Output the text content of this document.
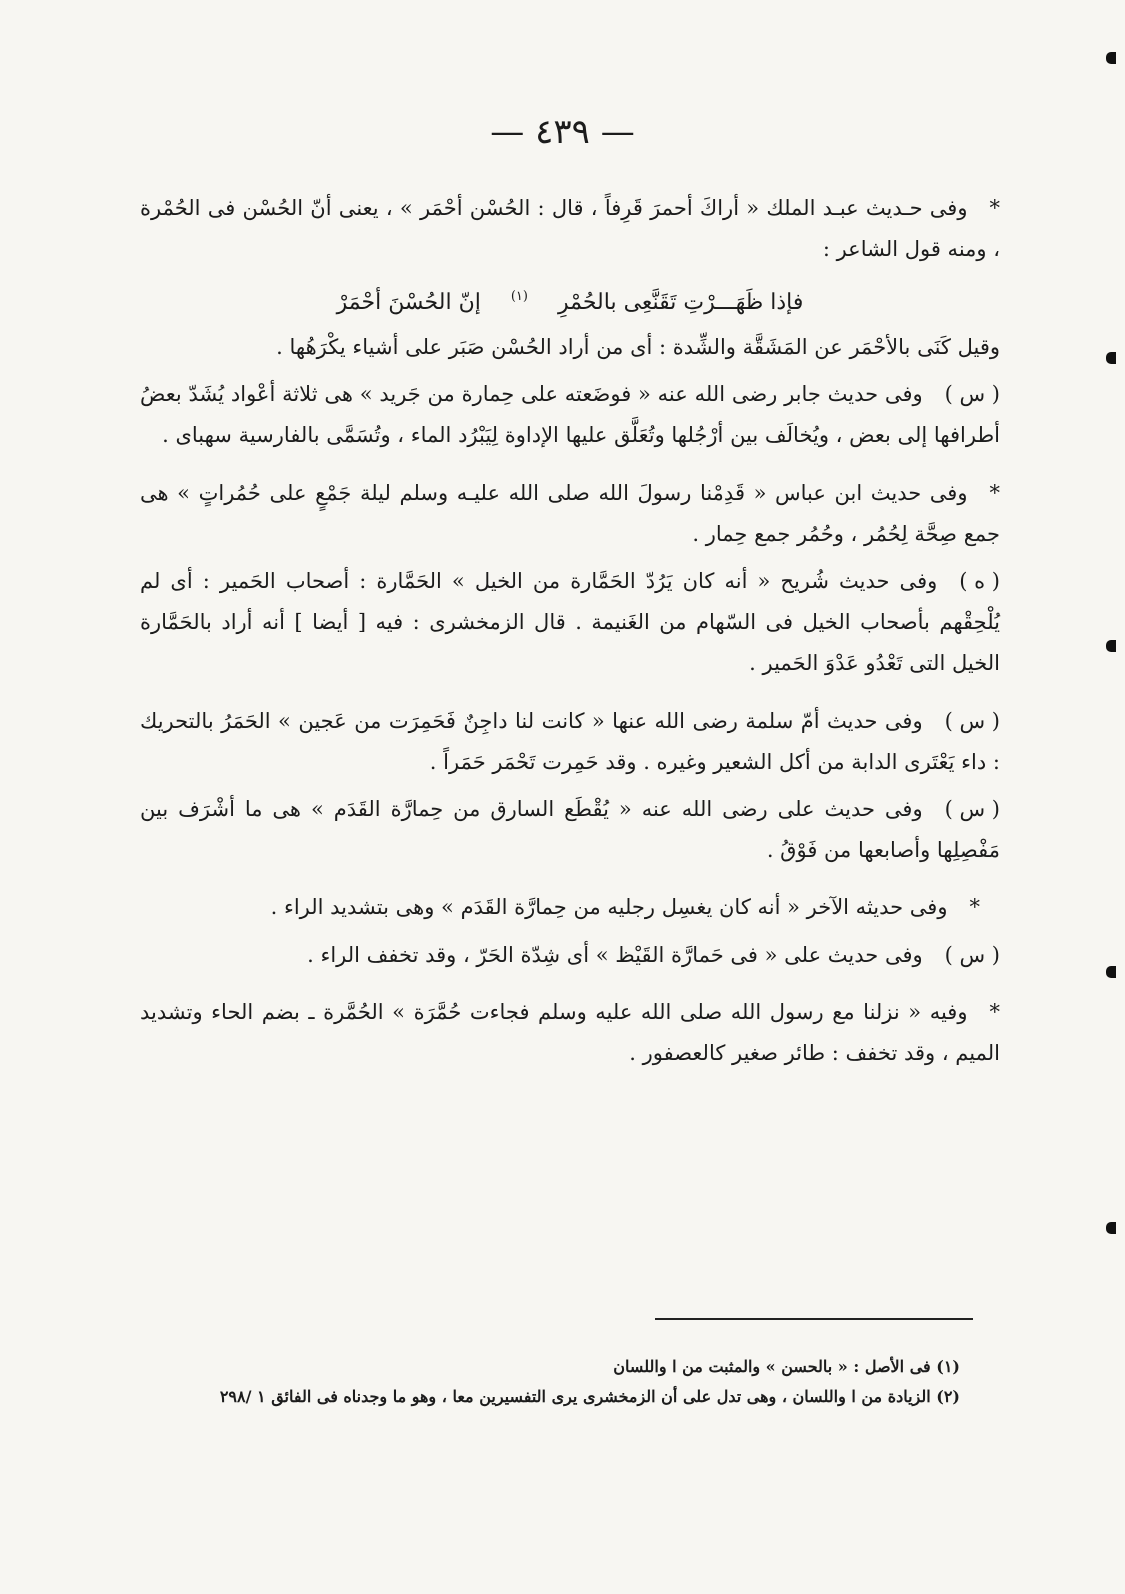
— ٤٣٩ —

*وفى حـديث عبـد الملك « أراكَ أحمرَ قَرِفاً ، قال : الحُسْن أحْمَر » ، يعنى أنّ الحُسْن فى الحُمْرة ، ومنه قول الشاعر :

فإذا ظَهَـــرْتِ تَقَنَّعِى بالحُمْرِ$^{(١)}$إنّ الحُسْنَ أحْمَرْ

وقيل كَنَى بالأحْمَر عن المَشَقَّة والشِّدة : أى من أراد الحُسْن صَبَر على أشياء يكْرَهُها .

( س )وفى حديث جابر رضى الله عنه « فوضَعته على حِمارة من جَريد » هى ثلاثة أعْواد يُشَدّ بعضُ أطرافها إلى بعض ، ويُخالَف بين أرْجُلها وتُعَلَّق عليها الإداوة لِيَبْرُد الماء ، وتُسَمَّى بالفارسية سهباى .

*وفى حديث ابن عباس « قَدِمْنا رسولَ الله صلى الله عليـه وسلم ليلة جَمْعٍ على حُمُراتٍ » هى جمع صِحَّة لِحُمُر ، وحُمُر جمع حِمار .

( ه )وفى حديث شُريح « أنه كان يَرُدّ الحَمَّارة من الخيل » الحَمَّارة : أصحاب الحَمير : أى لم يُلْحِقْهم بأصحاب الخيل فى السّهام من الغَنيمة . قال الزمخشرى : فيه [ أيضا ] أنه أراد بالحَمَّارة الخيل التى تَعْدُو عَدْوَ الحَمير .

( س )وفى حديث أمّ سلمة رضى الله عنها « كانت لنا داجِنٌ فَحَمِرَت من عَجين » الحَمَرُ بالتحريك : داء يَعْتَرى الدابة من أكل الشعير وغيره . وقد حَمِرت تَحْمَر حَمَراً .

( س )وفى حديث على رضى الله عنه « يُقْطَع السارق من حِمارَّة القَدَم » هى ما أشْرَف بين مَفْصِلِها وأصابعها من فَوْقُ .

*وفى حديثه الآخر « أنه كان يغسِل رجليه من حِمارَّة القَدَم » وهى بتشديد الراء .

( س )وفى حديث على « فى حَمارَّة القَيْظ » أى شِدّة الحَرّ ، وقد تخفف الراء .

*وفيه « نزلنا مع رسول الله صلى الله عليه وسلم فجاءت حُمَّرَة » الحُمَّرة ـ بضم الحاء وتشديد الميم ، وقد تخفف : طائر صغير كالعصفور .

(١) فى الأصل : « بالحسن » والمثبت من ا واللسان

(٢) الزيادة من ا واللسان ، وهى تدل على أن الزمخشرى يرى التفسيرين معا ، وهو ما وجدناه فى الفائق ١ /٢٩٨
